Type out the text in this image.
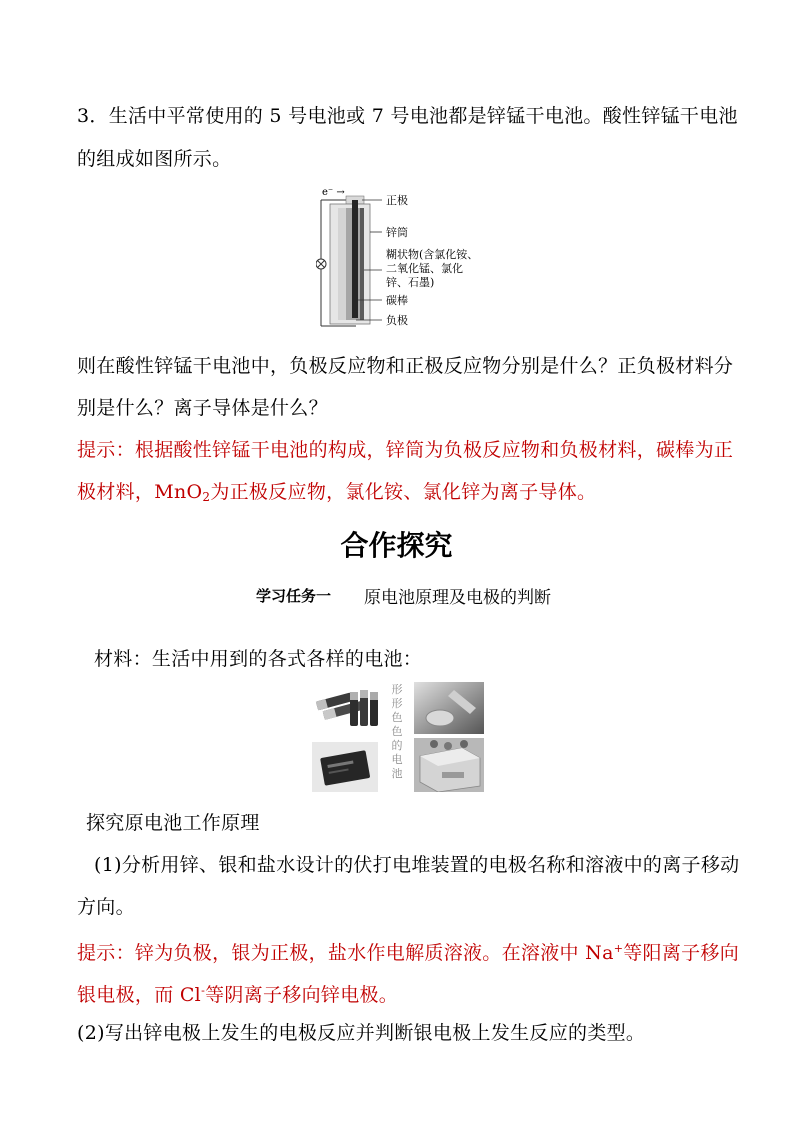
3．生活中平常使用的 5 号电池或 7 号电池都是锌锰干电池。酸性锌锰干电池
的组成如图所示。
e⁻ →
正极
锌筒
糊状物(含氯化铵、
二氧化锰、氯化
锌、石墨)
碳棒
负极
则在酸性锌锰干电池中，负极反应物和正极反应物分别是什么？正负极材料分
别是什么？离子导体是什么？
提示：根据酸性锌锰干电池的构成，锌筒为负极反应物和负极材料，碳棒为正
极材料，MnO$_2$为正极反应物，氯化铵、氯化锌为离子导体。
合作探究
学习任务一 原电池原理及电极的判断
材料：生活中用到的各式各样的电池：
形形色色的电池
探究原电池工作原理
(1)分析用锌、银和盐水设计的伏打电堆装置的电极名称和溶液中的离子移动
方向。
提示：锌为负极，银为正极，盐水作电解质溶液。在溶液中 Na+等阳离子移向
银电极，而 Cl-等阴离子移向锌电极。
(2)写出锌电极上发生的电极反应并判断银电极上发生反应的类型。
